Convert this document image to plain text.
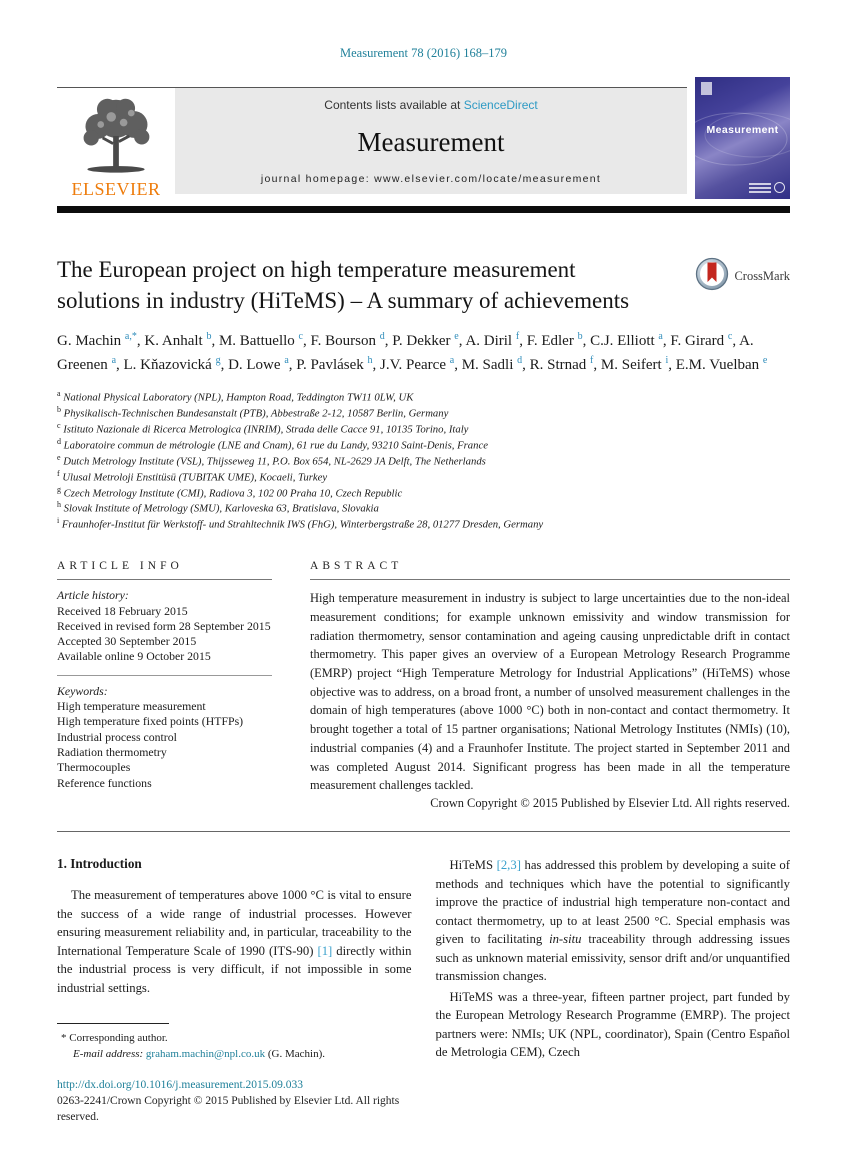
Measurement 78 (2016) 168–179
ELSEVIER
Contents lists available at ScienceDirect
Measurement
journal homepage: www.elsevier.com/locate/measurement
Measurement
The European project on high temperature measurement
solutions in industry (HiTeMS) – A summary of achievements
CrossMark
G. Machin $^{a,*}$, K. Anhalt $^b$, M. Battuello $^c$, F. Bourson $^d$, P. Dekker $^e$, A. Diril $^f$, F. Edler $^b$, C.J. Elliott $^a$, F. Girard $^c$, A. Greenen $^a$, L. Kňazovická $^g$, D. Lowe $^a$, P. Pavlásek $^h$, J.V. Pearce $^a$, M. Sadli $^d$, R. Strnad $^f$, M. Seifert $^i$, E.M. Vuelban $^e$
$^a$ National Physical Laboratory (NPL), Hampton Road, Teddington TW11 0LW, UK
$^b$ Physikalisch-Technischen Bundesanstalt (PTB), Abbestraße 2-12, 10587 Berlin, Germany
$^c$ Istituto Nazionale di Ricerca Metrologica (INRIM), Strada delle Cacce 91, 10135 Torino, Italy
$^d$ Laboratoire commun de métrologie (LNE and Cnam), 61 rue du Landy, 93210 Saint-Denis, France
$^e$ Dutch Metrology Institute (VSL), Thijsseweg 11, P.O. Box 654, NL-2629 JA Delft, The Netherlands
$^f$ Ulusal Metroloji Enstitüsü (TUBITAK UME), Kocaeli, Turkey
$^g$ Czech Metrology Institute (CMI), Radiova 3, 102 00 Praha 10, Czech Republic
$^h$ Slovak Institute of Metrology (SMU), Karloveska 63, Bratislava, Slovakia
$^i$ Fraunhofer-Institut für Werkstoff- und Strahltechnik IWS (FhG), Winterbergstraße 28, 01277 Dresden, Germany
ARTICLE INFO
Article history:
Received 18 February 2015
Received in revised form 28 September 2015
Accepted 30 September 2015
Available online 9 October 2015
Keywords:
High temperature measurement
High temperature fixed points (HTFPs)
Industrial process control
Radiation thermometry
Thermocouples
Reference functions
ABSTRACT
High temperature measurement in industry is subject to large uncertainties due to the non-ideal measurement conditions; for example unknown emissivity and window transmission for radiation thermometry, sensor contamination and ageing causing unpredictable drift in contact thermometry. This paper gives an overview of a European Metrology Research Programme (EMRP) project “High Temperature Metrology for Industrial Applications” (HiTeMS) whose objective was to address, on a broad front, a number of unsolved measurement challenges in the domain of high temperatures (above 1000 °C) both in non-contact and contact thermometry. It brought together a total of 15 partner organisations; National Metrology Institutes (NMIs) (10), industrial companies (4) and a Fraunhofer Institute. The project started in September 2011 and was completed August 2014. Significant progress has been made in all the temperature measurement challenges tackled.
Crown Copyright © 2015 Published by Elsevier Ltd. All rights reserved.
1. Introduction

The measurement of temperatures above 1000 °C is vital to ensure the success of a wide range of industrial processes. However ensuring measurement reliability and, in particular, traceability to the International Temperature Scale of 1990 (ITS-90) [1] directly within the industrial process is very difficult, if not impossible in some industrial settings.

* Corresponding author.
E-mail address: graham.machin@npl.co.uk (G. Machin).
http://dx.doi.org/10.1016/j.measurement.2015.09.033
0263-2241/Crown Copyright © 2015 Published by Elsevier Ltd. All rights reserved.

HiTeMS [2,3] has addressed this problem by developing a suite of methods and techniques which have the potential to significantly improve the practice of industrial high temperature non-contact and contact thermometry, up to at least 2500 °C. Special emphasis was given to facilitating in-situ traceability through addressing issues such as unknown material emissivity, sensor drift and/or unquantified transmission changes.

HiTeMS was a three-year, fifteen partner project, part funded by the European Metrology Research Programme (EMRP). The project partners were: NMIs; UK (NPL, coordinator), Spain (Centro Español de Metrologia CEM), Czech
